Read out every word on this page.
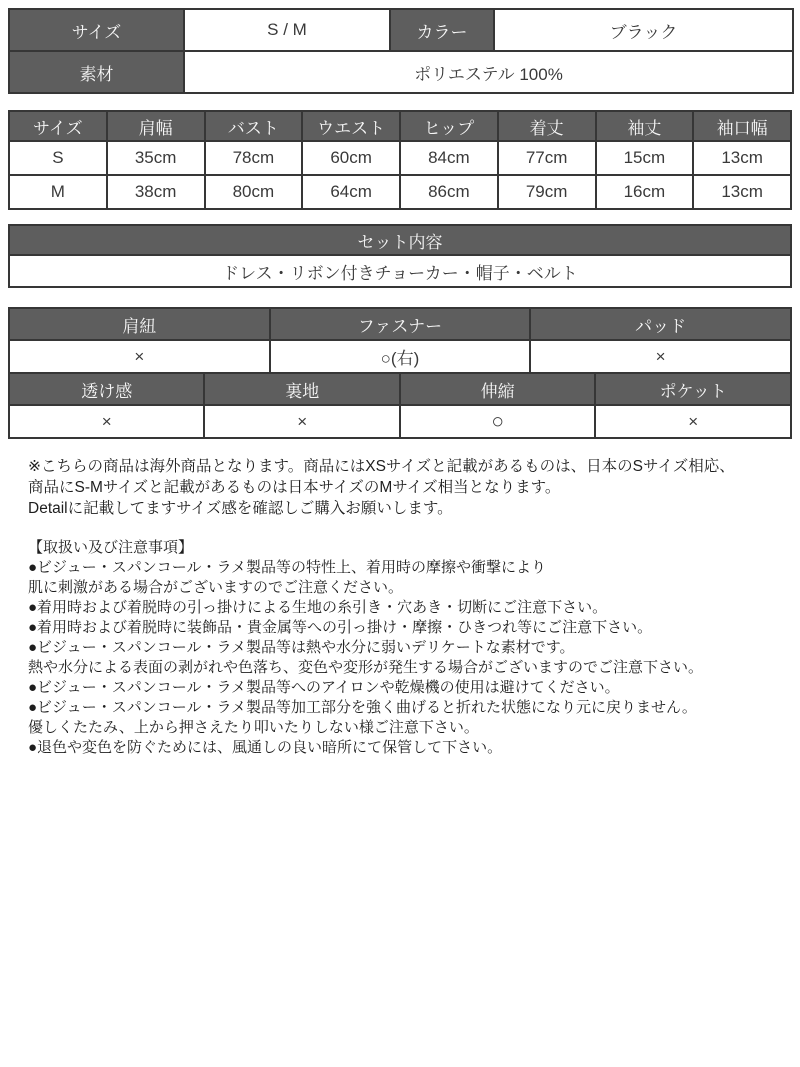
サイズ	S / M	カラー	ブラック
素材	ポリエステル 100%		
サイズ	肩幅	バスト	ウエスト	ヒップ	着丈	袖丈	袖口幅
S	35cm	78cm	60cm	84cm	77cm	15cm	13cm
M	38cm	80cm	64cm	86cm	79cm	16cm	13cm
セット内容
ドレス・リボン付きチョーカー・帽子・ベルト
肩紐		ファスナー		パッド	
×		○(右)		×	
透け感	裏地		伸縮		ポケット
×	×		○		×
※こちらの商品は海外商品となります。商品にはXSサイズと記載があるものは、日本のSサイズ相応、
商品にS-Mサイズと記載があるものは日本サイズのMサイズ相当となります。
Detailに記載してますサイズ感を確認しご購入お願いします。
【取扱い及び注意事項】
●ビジュー・スパンコール・ラメ製品等の特性上、着用時の摩擦や衝撃により
肌に刺激がある場合がございますのでご注意ください。
●着用時および着脱時の引っ掛けによる生地の糸引き・穴あき・切断にご注意下さい。
●着用時および着脱時に装飾品・貴金属等への引っ掛け・摩擦・ひきつれ等にご注意下さい。
●ビジュー・スパンコール・ラメ製品等は熱や水分に弱いデリケートな素材です。
熱や水分による表面の剥がれや色落ち、変色や変形が発生する場合がございますのでご注意下さい。
●ビジュー・スパンコール・ラメ製品等へのアイロンや乾燥機の使用は避けてください。
●ビジュー・スパンコール・ラメ製品等加工部分を強く曲げると折れた状態になり元に戻りません。
優しくたたみ、上から押さえたり叩いたりしない様ご注意下さい。
●退色や変色を防ぐためには、風通しの良い暗所にて保管して下さい。
